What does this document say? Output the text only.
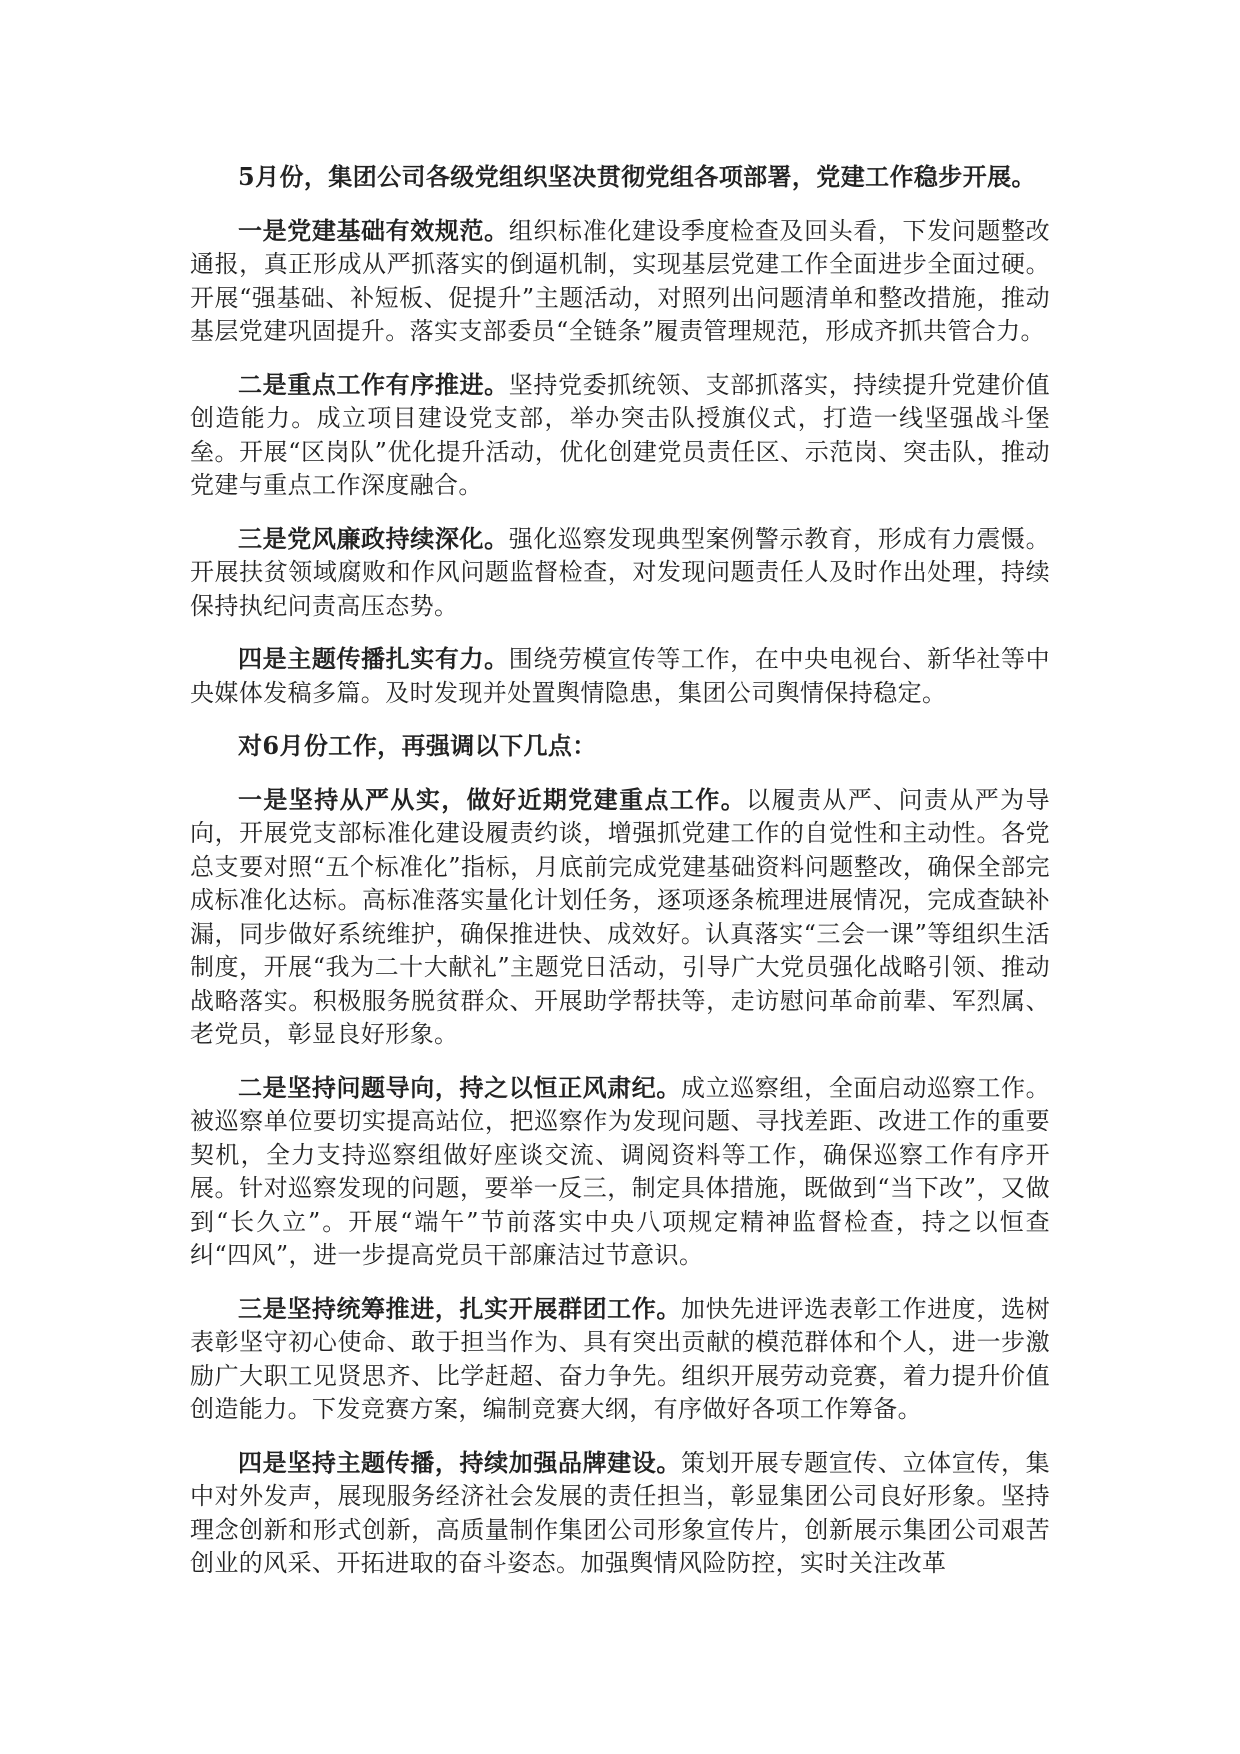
5月份，集团公司各级党组织坚决贯彻党组各项部署，党建工作稳步开展。

一是党建基础有效规范。组织标准化建设季度检查及回头看，下发问题整改通报，真正形成从严抓落实的倒逼机制，实现基层党建工作全面进步全面过硬。开展“强基础、补短板、促提升”主题活动，对照列出问题清单和整改措施，推动基层党建巩固提升。落实支部委员“全链条”履责管理规范，形成齐抓共管合力。

二是重点工作有序推进。坚持党委抓统领、支部抓落实，持续提升党建价值创造能力。成立项目建设党支部，举办突击队授旗仪式，打造一线坚强战斗堡垒。开展“区岗队”优化提升活动，优化创建党员责任区、示范岗、突击队，推动党建与重点工作深度融合。

三是党风廉政持续深化。强化巡察发现典型案例警示教育，形成有力震慑。开展扶贫领域腐败和作风问题监督检查，对发现问题责任人及时作出处理，持续保持执纪问责高压态势。

四是主题传播扎实有力。围绕劳模宣传等工作，在中央电视台、新华社等中央媒体发稿多篇。及时发现并处置舆情隐患，集团公司舆情保持稳定。

对6月份工作，再强调以下几点：

一是坚持从严从实，做好近期党建重点工作。以履责从严、问责从严为导向，开展党支部标准化建设履责约谈，增强抓党建工作的自觉性和主动性。各党总支要对照“五个标准化”指标，月底前完成党建基础资料问题整改，确保全部完成标准化达标。高标准落实量化计划任务，逐项逐条梳理进展情况，完成查缺补漏，同步做好系统维护，确保推进快、成效好。认真落实“三会一课”等组织生活制度，开展“我为二十大献礼”主题党日活动，引导广大党员强化战略引领、推动战略落实。积极服务脱贫群众、开展助学帮扶等，走访慰问革命前辈、军烈属、老党员，彰显良好形象。

二是坚持问题导向，持之以恒正风肃纪。成立巡察组，全面启动巡察工作。被巡察单位要切实提高站位，把巡察作为发现问题、寻找差距、改进工作的重要契机，全力支持巡察组做好座谈交流、调阅资料等工作，确保巡察工作有序开展。针对巡察发现的问题，要举一反三，制定具体措施，既做到“当下改”，又做到“长久立”。开展“端午”节前落实中央八项规定精神监督检查，持之以恒查纠“四风”，进一步提高党员干部廉洁过节意识。

三是坚持统筹推进，扎实开展群团工作。加快先进评选表彰工作进度，选树表彰坚守初心使命、敢于担当作为、具有突出贡献的模范群体和个人，进一步激励广大职工见贤思齐、比学赶超、奋力争先。组织开展劳动竞赛，着力提升价值创造能力。下发竞赛方案，编制竞赛大纲，有序做好各项工作筹备。

四是坚持主题传播，持续加强品牌建设。策划开展专题宣传、立体宣传，集中对外发声，展现服务经济社会发展的责任担当，彰显集团公司良好形象。坚持理念创新和形式创新，高质量制作集团公司形象宣传片，创新展示集团公司艰苦创业的风采、开拓进取的奋斗姿态。加强舆情风险防控，实时关注改革
